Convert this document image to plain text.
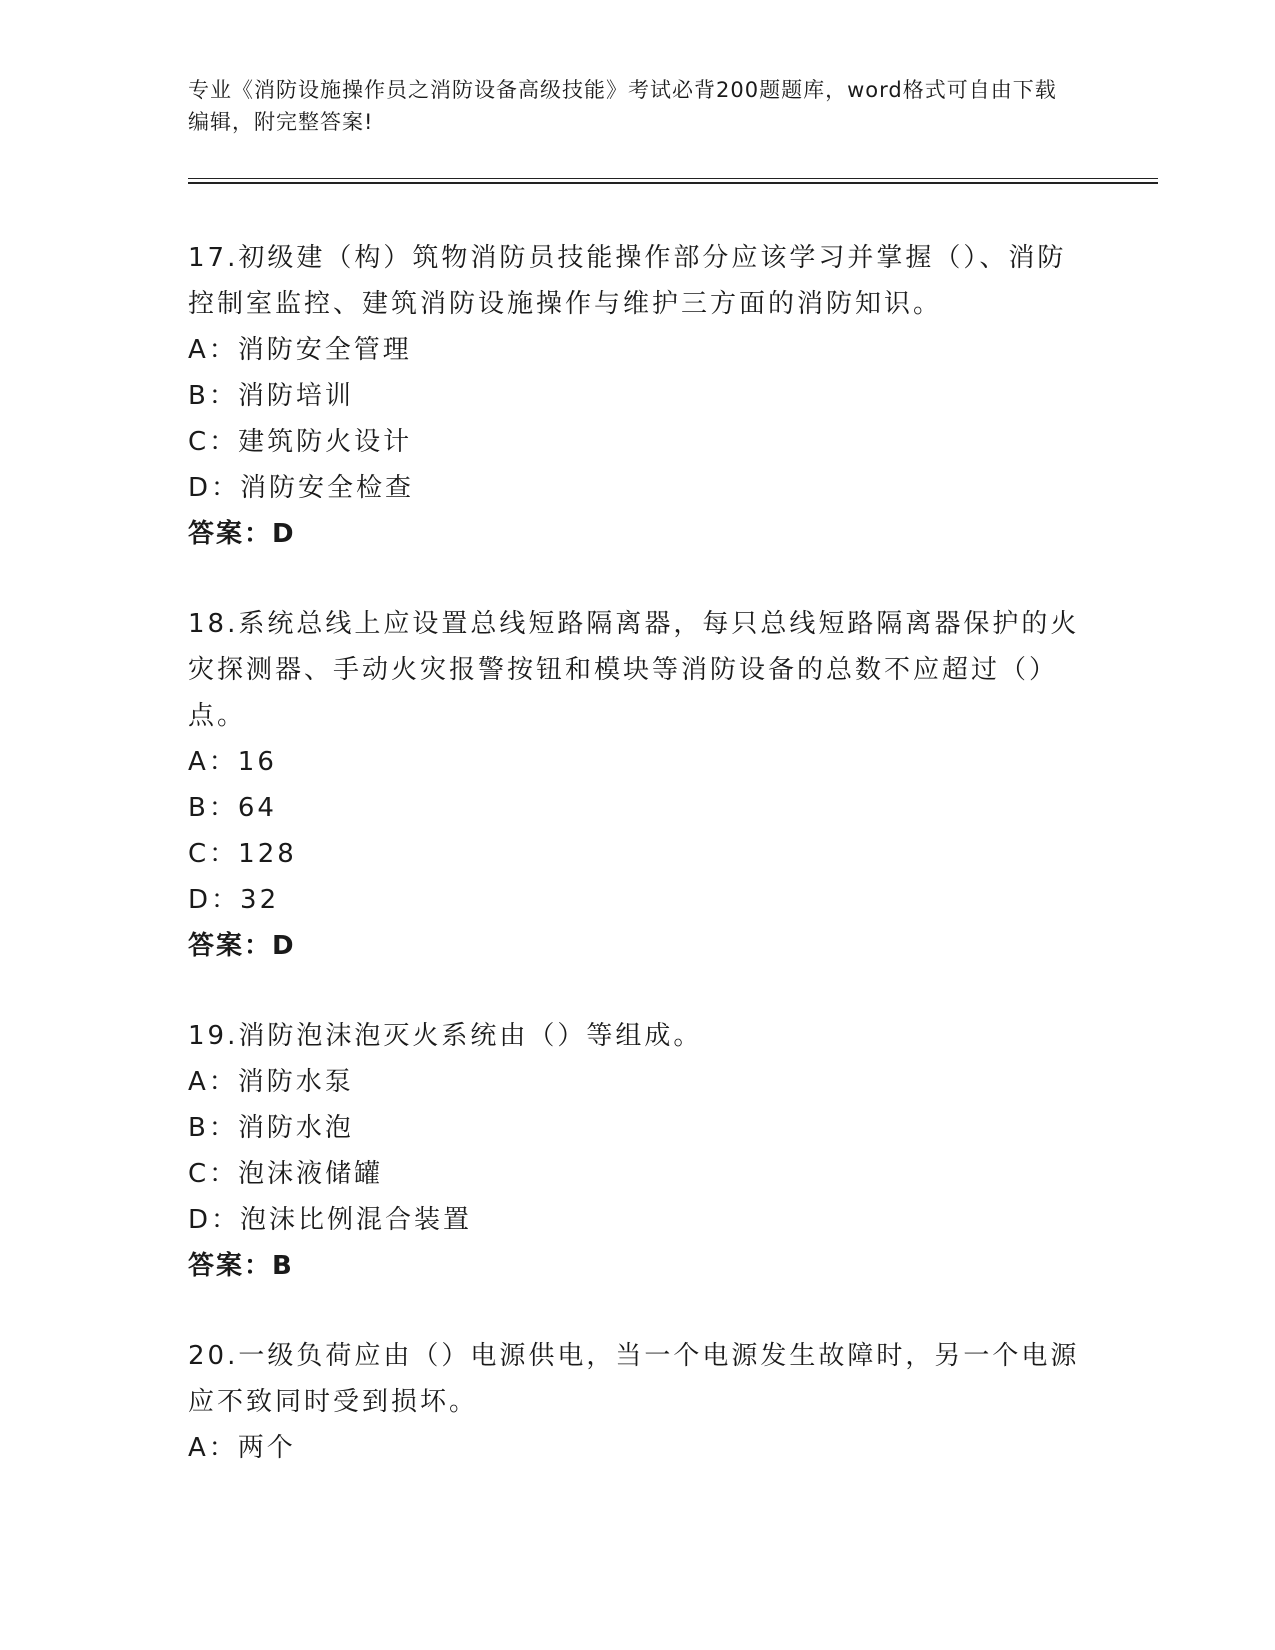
专业《消防设施操作员之消防设备高级技能》考试必背200题题库，word格式可自由下载编辑，附完整答案!
17.初级建（构）筑物消防员技能操作部分应该学习并掌握（）、消防控制室监控、建筑消防设施操作与维护三方面的消防知识。
A：消防安全管理
B：消防培训
C：建筑防火设计
D：消防安全检查
答案：D
18.系统总线上应设置总线短路隔离器，每只总线短路隔离器保护的火灾探测器、手动火灾报警按钮和模块等消防设备的总数不应超过（）点。
A：16
B：64
C：128
D：32
答案：D
19.消防泡沫泡灭火系统由（）等组成。
A：消防水泵
B：消防水泡
C：泡沫液储罐
D：泡沫比例混合装置
答案：B
20.一级负荷应由（）电源供电，当一个电源发生故障时，另一个电源应不致同时受到损坏。
A：两个
